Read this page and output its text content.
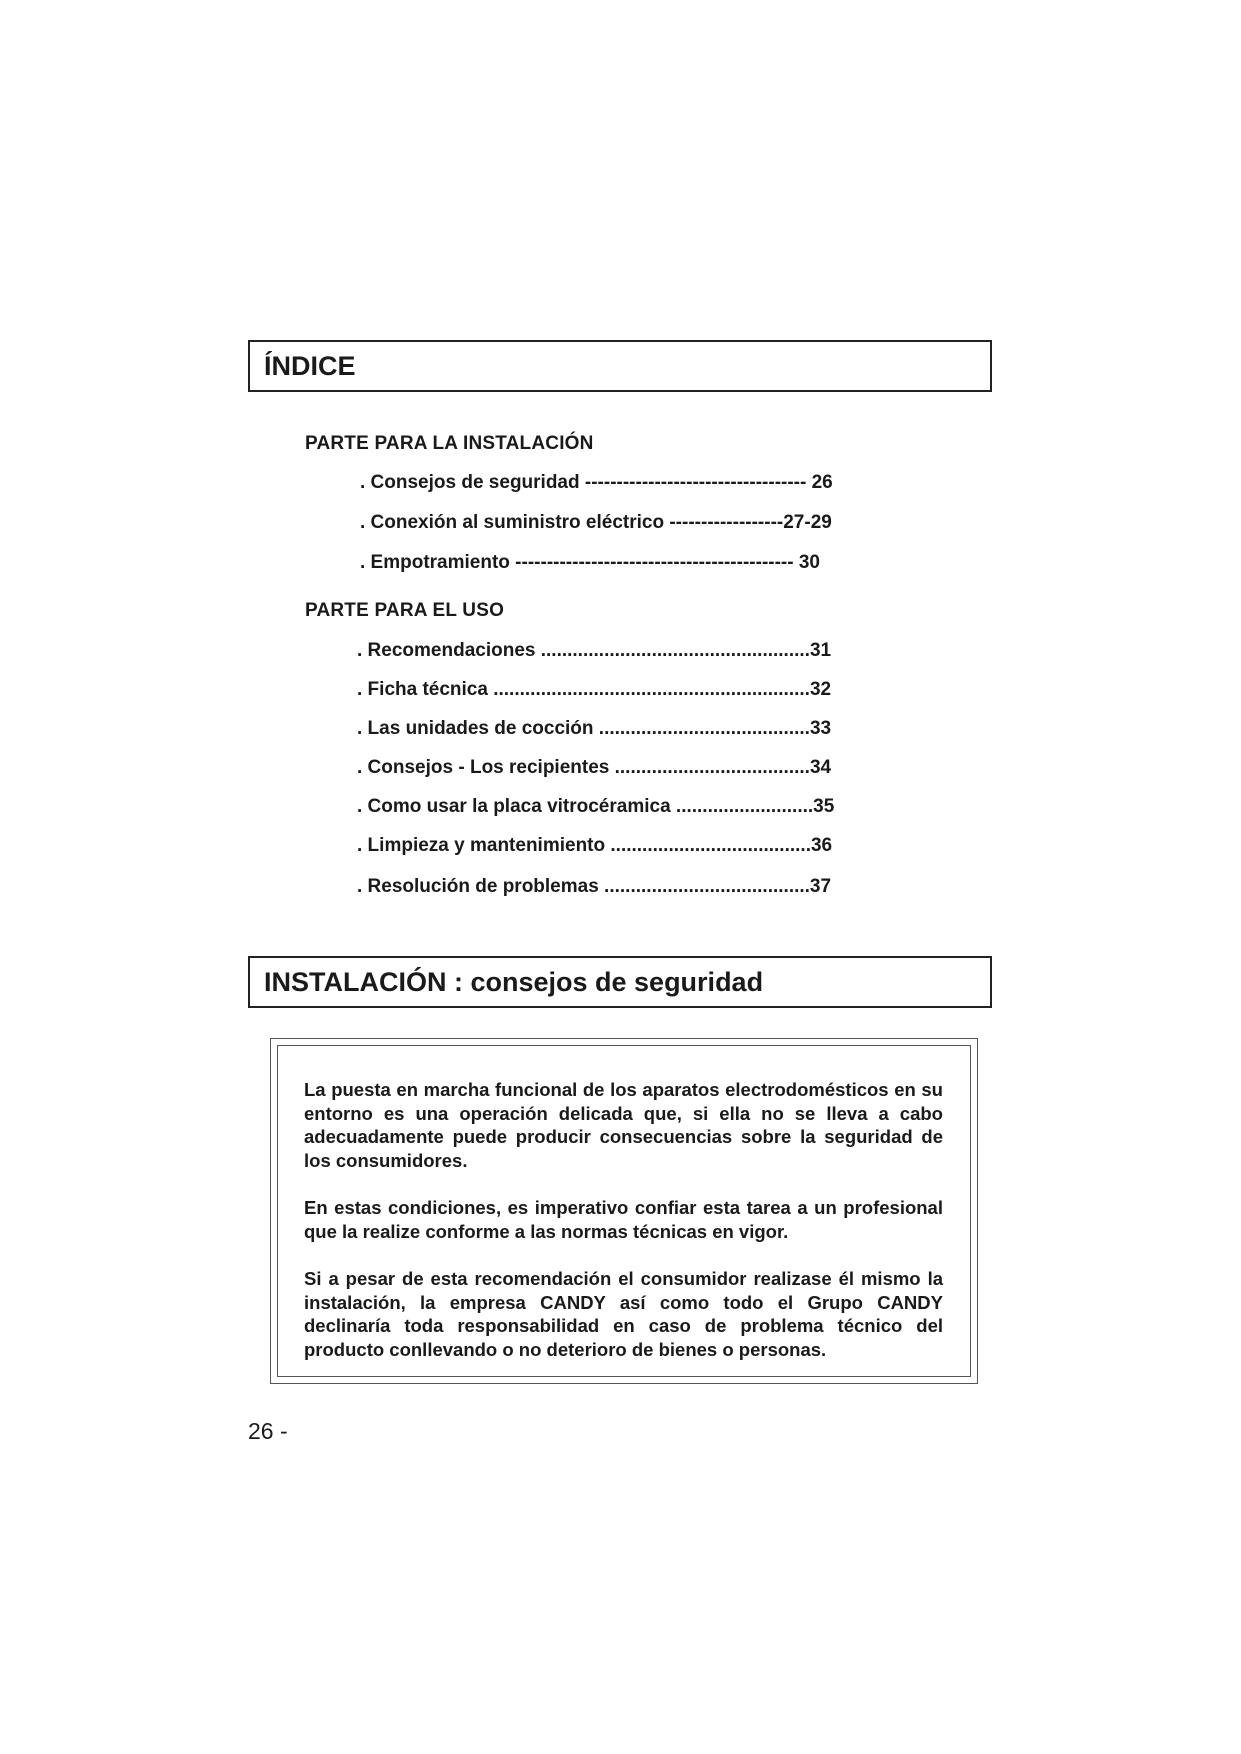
ÍNDICE
PARTE PARA LA INSTALACIÓN
. Consejos de seguridad ----------------------------------- 26
. Conexión al suministro eléctrico ------------------27-29
. Empotramiento -------------------------------------------- 30
PARTE PARA EL USO
. Recomendaciones ...................................................31
. Ficha técnica ............................................................32
. Las unidades de cocción ........................................33
. Consejos - Los recipientes .....................................34
. Como usar la placa vitrocéramica ..........................35
. Limpieza y mantenimiento ......................................36
. Resolución de problemas .......................................37
INSTALACIÓN : consejos de seguridad

La puesta en marcha funcional de los aparatos electrodomésticos en su entorno es una operación delicada que, si ella no se lleva a cabo adecuadamente puede producir consecuencias sobre la seguridad de los consumidores.

En estas condiciones, es imperativo confiar esta tarea a un profesional que la realize conforme a las normas técnicas en vigor.

Si a pesar de esta recomendación el consumidor realizase él mismo la instalación, la empresa CANDY así como todo el Grupo CANDY declinaría toda responsabilidad en caso de problema técnico del producto conllevando o no deterioro de bienes o personas.

26 -
